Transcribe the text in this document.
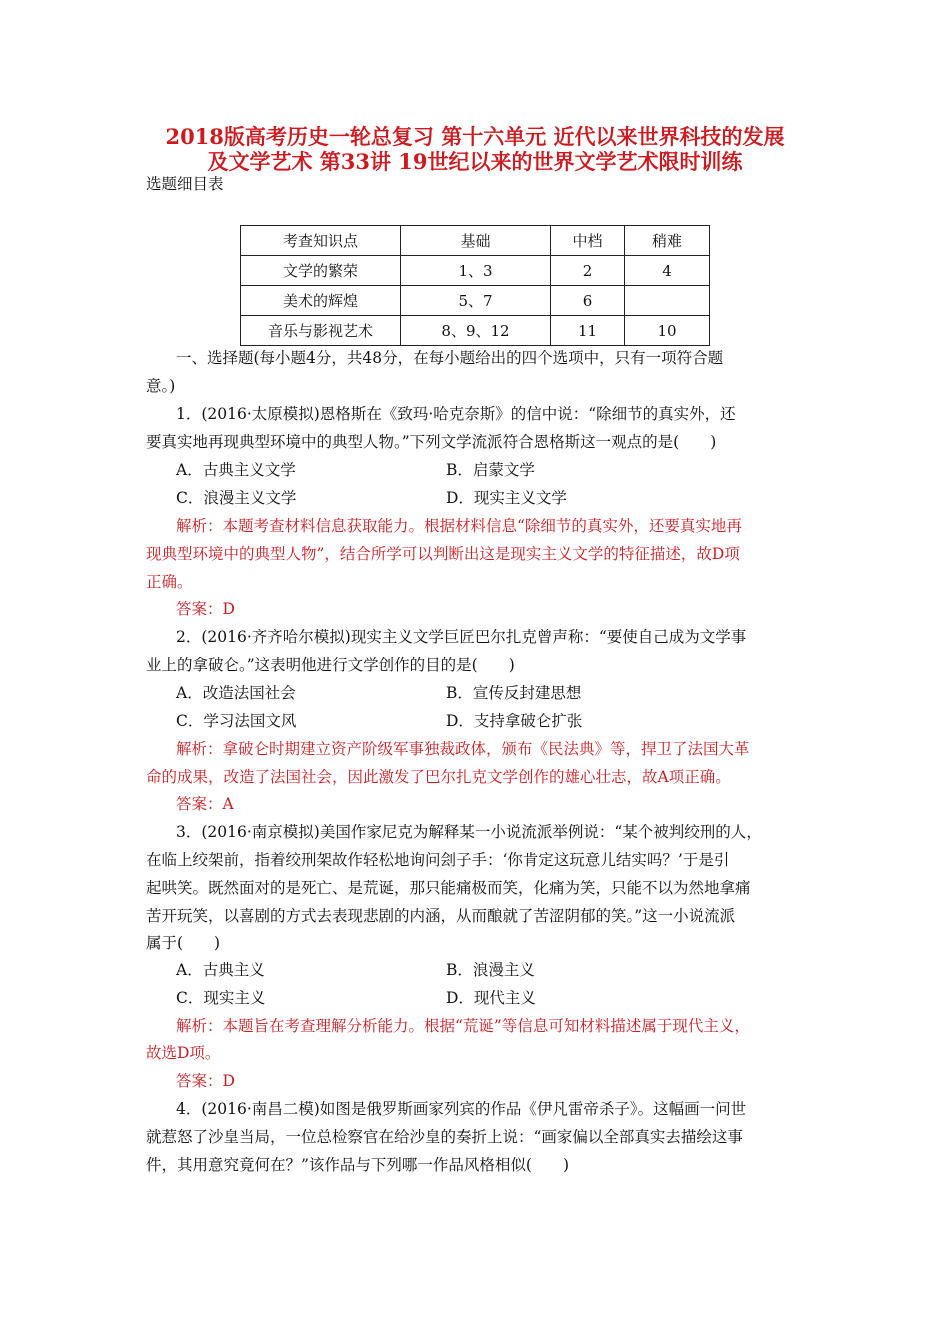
2018版高考历史一轮总复习 第十六单元 近代以来世界科技的发展
及文学艺术 第33讲 19世纪以来的世界文学艺术限时训练
选题细目表
考查知识点	基础	中档	稍难
文学的繁荣	1、3	2	4
美术的辉煌	5、7	6	
音乐与影视艺术	8、9、12	11	10
一、选择题(每小题4分，共48分，在每小题给出的四个选项中，只有一项符合题
意。)
1．(2016·太原模拟)恩格斯在《致玛·哈克奈斯》的信中说：“除细节的真实外，还
要真实地再现典型环境中的典型人物。”下列文学流派符合恩格斯这一观点的是(　　)
A．古典主义文学	B．启蒙文学
C．浪漫主义文学	D．现实主义文学
解析：本题考查材料信息获取能力。根据材料信息“除细节的真实外，还要真实地再
现典型环境中的典型人物”，结合所学可以判断出这是现实主义文学的特征描述，故D项
正确。
答案：D
2．(2016·齐齐哈尔模拟)现实主义文学巨匠巴尔扎克曾声称：“要使自己成为文学事
业上的拿破仑。”这表明他进行文学创作的目的是(　　)
A．改造法国社会	B．宣传反封建思想
C．学习法国文风	D．支持拿破仑扩张
解析：拿破仑时期建立资产阶级军事独裁政体，颁布《民法典》等，捍卫了法国大革
命的成果，改造了法国社会，因此激发了巴尔扎克文学创作的雄心壮志，故A项正确。
答案：A
3．(2016·南京模拟)美国作家尼克为解释某一小说流派举例说：“某个被判绞刑的人，
在临上绞架前，指着绞刑架故作轻松地询问刽子手：‘你肯定这玩意儿结实吗？’于是引
起哄笑。既然面对的是死亡、是荒诞，那只能痛极而笑，化痛为笑，只能不以为然地拿痛
苦开玩笑，以喜剧的方式去表现悲剧的内涵，从而酿就了苦涩阴郁的笑。”这一小说流派
属于(　　)
A．古典主义	B．浪漫主义
C．现实主义	D．现代主义
解析：本题旨在考查理解分析能力。根据“荒诞”等信息可知材料描述属于现代主义，
故选D项。
答案：D
4．(2016·南昌二模)如图是俄罗斯画家列宾的作品《伊凡雷帝杀子》。这幅画一问世
就惹怒了沙皇当局，一位总检察官在给沙皇的奏折上说：“画家偏以全部真实去描绘这事
件，其用意究竟何在？”该作品与下列哪一作品风格相似(　　)
